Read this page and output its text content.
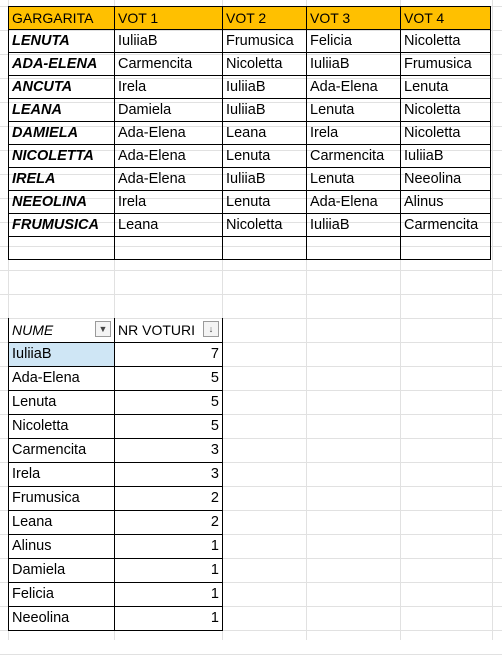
GARGARITA	VOT 1	VOT 2	VOT 3	VOT 4
LENUTA	IuliiaB	Frumusica	Felicia	Nicoletta
ADA-ELENA	Carmencita	Nicoletta	IuliiaB	Frumusica
ANCUTA	Irela	IuliiaB	Ada-Elena	Lenuta
LEANA	Damiela	IuliiaB	Lenuta	Nicoletta
DAMIELA	Ada-Elena	Leana	Irela	Nicoletta
NICOLETTA	Ada-Elena	Lenuta	Carmencita	IuliiaB
IRELA	Ada-Elena	IuliiaB	Lenuta	Neeolina
NEEOLINA	Irela	Lenuta	Ada-Elena	Alinus
FRUMUSICA	Leana	Nicoletta	IuliiaB	Carmencita

NUME ▼	NR VOTURI ↓

IuliiaB	7
Ada-Elena	5
Lenuta	5
Nicoletta	5
Carmencita	3
Irela	3
Frumusica	2
Leana	2
Alinus	1
Damiela	1
Felicia	1
Neeolina	1
